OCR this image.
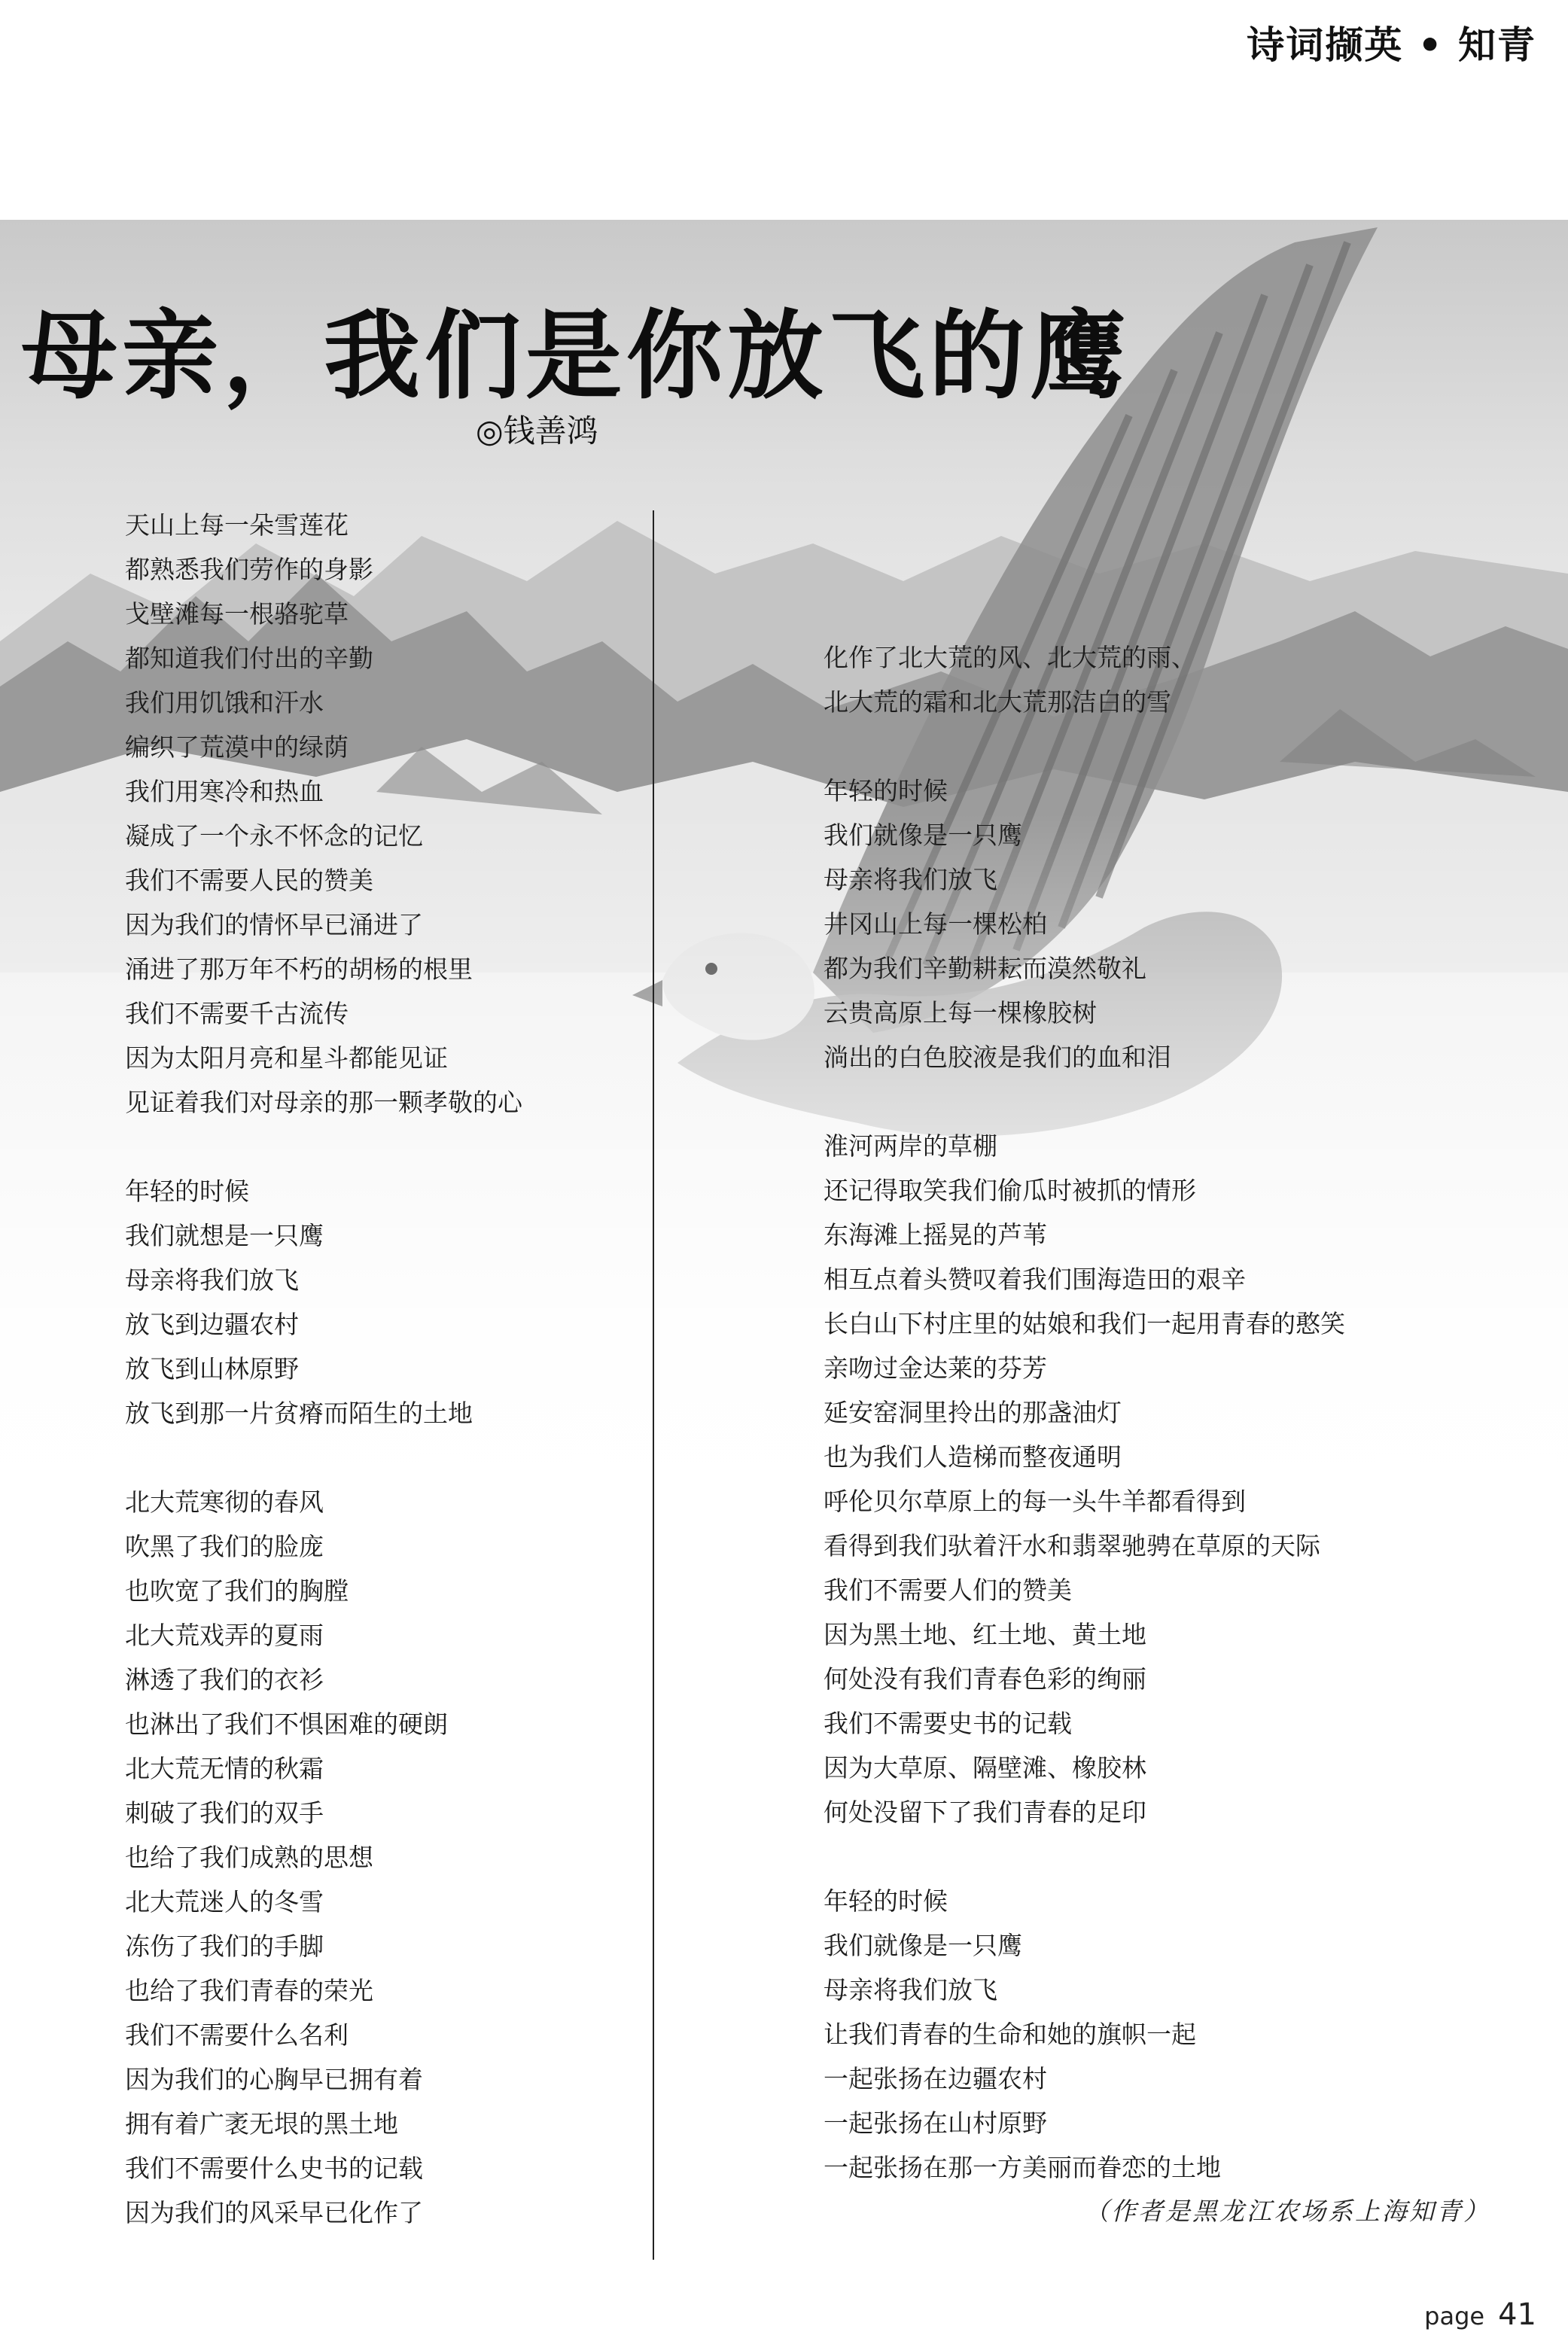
诗词撷英 • 知青
母亲，我们是你放飞的鹰
◎钱善鸿
天山上每一朵雪莲花
都熟悉我们劳作的身影
戈壁滩每一根骆驼草
都知道我们付出的辛勤
我们用饥饿和汗水
编织了荒漠中的绿荫
我们用寒冷和热血
凝成了一个永不怀念的记忆
我们不需要人民的赞美
因为我们的情怀早已涌进了
涌进了那万年不朽的胡杨的根里
我们不需要千古流传
因为太阳月亮和星斗都能见证
见证着我们对母亲的那一颗孝敬的心
年轻的时候
我们就想是一只鹰
母亲将我们放飞
放飞到边疆农村
放飞到山林原野
放飞到那一片贫瘠而陌生的土地
北大荒寒彻的春风
吹黑了我们的脸庞
也吹宽了我们的胸膛
北大荒戏弄的夏雨
淋透了我们的衣衫
也淋出了我们不惧困难的硬朗
北大荒无情的秋霜
刺破了我们的双手
也给了我们成熟的思想
北大荒迷人的冬雪
冻伤了我们的手脚
也给了我们青春的荣光
我们不需要什么名利
因为我们的心胸早已拥有着
拥有着广袤无垠的黑土地
我们不需要什么史书的记载
因为我们的风采早已化作了
化作了北大荒的风、北大荒的雨、
北大荒的霜和北大荒那洁白的雪
年轻的时候
我们就像是一只鹰
母亲将我们放飞
井冈山上每一棵松柏
都为我们辛勤耕耘而漠然敬礼
云贵高原上每一棵橡胶树
淌出的白色胶液是我们的血和泪
淮河两岸的草棚
还记得取笑我们偷瓜时被抓的情形
东海滩上摇晃的芦苇
相互点着头赞叹着我们围海造田的艰辛
长白山下村庄里的姑娘和我们一起用青春的憨笑
亲吻过金达莱的芬芳
延安窑洞里拎出的那盏油灯
也为我们人造梯而整夜通明
呼伦贝尔草原上的每一头牛羊都看得到
看得到我们驮着汗水和翡翠驰骋在草原的天际
我们不需要人们的赞美
因为黑土地、红土地、黄土地
何处没有我们青春色彩的绚丽
我们不需要史书的记载
因为大草原、隔壁滩、橡胶林
何处没留下了我们青春的足印
年轻的时候
我们就像是一只鹰
母亲将我们放飞
让我们青春的生命和她的旗帜一起
一起张扬在边疆农村
一起张扬在山村原野
一起张扬在那一方美丽而眷恋的土地
（作者是黑龙江农场系上海知青）
page 41
